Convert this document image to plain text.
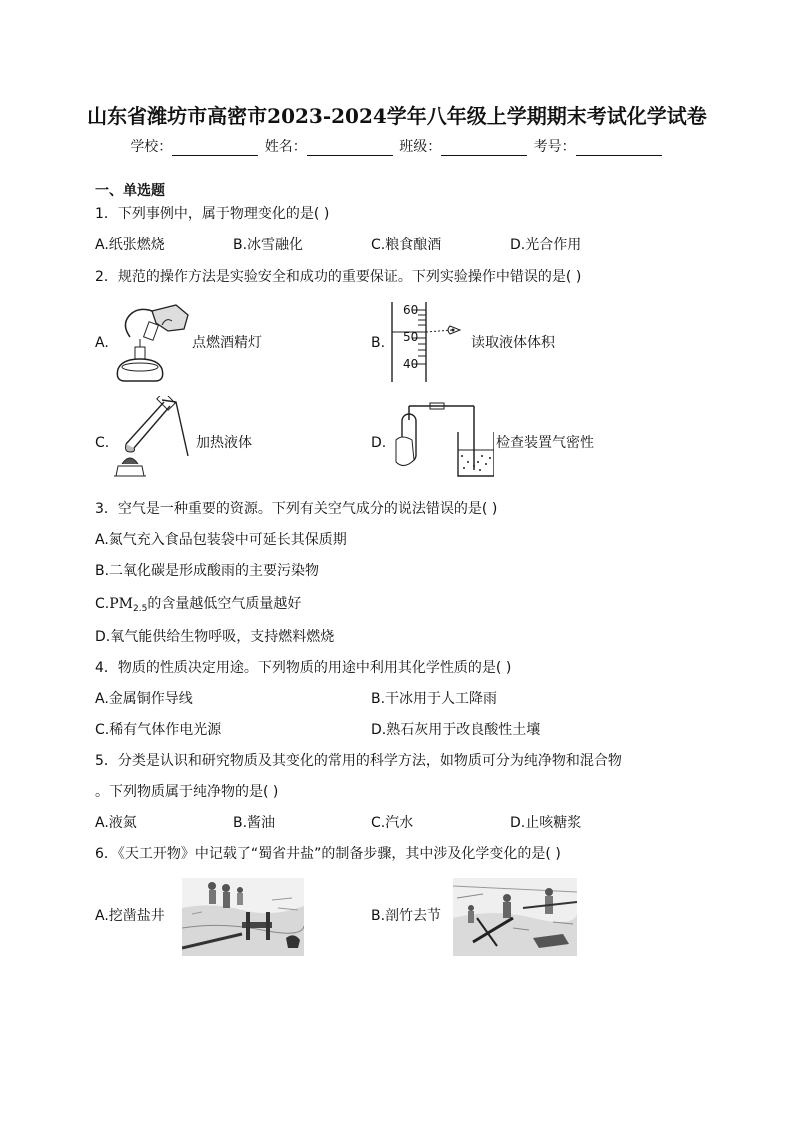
山东省潍坊市高密市2023-2024学年八年级上学期期末考试化学试卷
学校：	姓名：	班级：	考号：
一、单选题
1．下列事例中，属于物理变化的是( )
A.纸张燃烧	B.冰雪融化	C.粮食酿酒	D.光合作用
2．规范的操作方法是实验安全和成功的重要保证。下列实验操作中错误的是( )
A.	点燃酒精灯	B.
60
50
40
读取液体体积
C.	加热液体	D.	检查装置气密性
3．空气是一种重要的资源。下列有关空气成分的说法错误的是( )
A.氮气充入食品包装袋中可延长其保质期
B.二氧化碳是形成酸雨的主要污染物
$C.PM_{2.5}$的含量越低空气质量越好
D.氧气能供给生物呼吸，支持燃料燃烧
4．物质的性质决定用途。下列物质的用途中利用其化学性质的是( )
A.金属铜作导线	B.干冰用于人工降雨
C.稀有气体作电光源	D.熟石灰用于改良酸性土壤
5．分类是认识和研究物质及其变化的常用的科学方法，如物质可分为纯净物和混合物
。下列物质属于纯净物的是( )
A.液氮	B.酱油	C.汽水	D.止咳糖浆
6．《天工开物》中记载了“蜀省井盐”的制备步骤，其中涉及化学变化的是( )
A.挖凿盐井	B.剖竹去节
